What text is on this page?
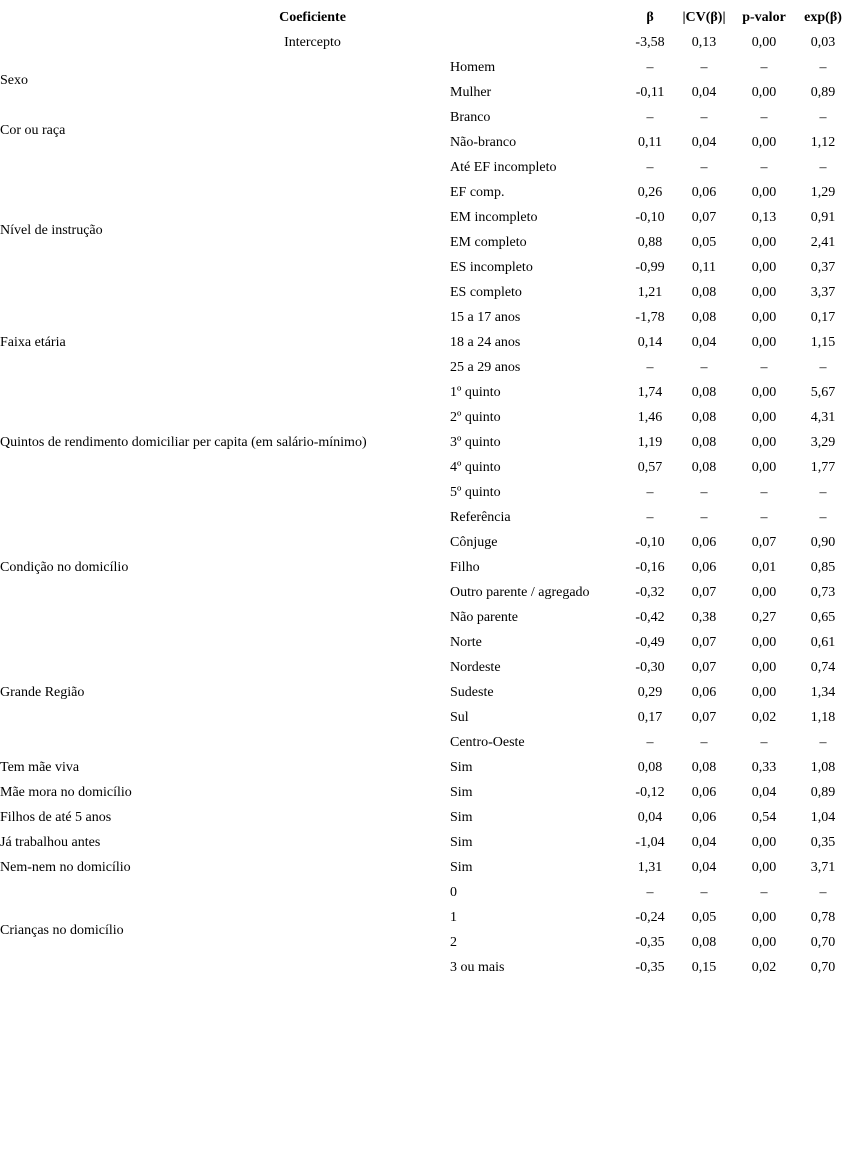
Coeficiente		β	|CV(β)|	p-valor	exp(β)
Intercepto		-3,58	0,13	0,00	0,03
Sexo	Homem	–	–	–	–
	Mulher	-0,11	0,04	0,00	0,89
Cor ou raça	Branco	–	–	–	–
	Não-branco	0,11	0,04	0,00	1,12
Nível de instrução	Até EF incompleto	–	–	–	–
	EF comp.	0,26	0,06	0,00	1,29
	EM incompleto	-0,10	0,07	0,13	0,91
	EM completo	0,88	0,05	0,00	2,41
	ES incompleto	-0,99	0,11	0,00	0,37
	ES completo	1,21	0,08	0,00	3,37
Faixa etária	15 a 17 anos	-1,78	0,08	0,00	0,17
	18 a 24 anos	0,14	0,04	0,00	1,15
	25 a 29 anos	–	–	–	–
Quintos de rendimento domiciliar per capita (em salário-mínimo)	1º quinto	1,74	0,08	0,00	5,67
	2º quinto	1,46	0,08	0,00	4,31
	3º quinto	1,19	0,08	0,00	3,29
	4º quinto	0,57	0,08	0,00	1,77
	5º quinto	–	–	–	–
Condição no domicílio	Referência	–	–	–	–
	Cônjuge	-0,10	0,06	0,07	0,90
	Filho	-0,16	0,06	0,01	0,85
	Outro parente / agregado	-0,32	0,07	0,00	0,73
	Não parente	-0,42	0,38	0,27	0,65
Grande Região	Norte	-0,49	0,07	0,00	0,61
	Nordeste	-0,30	0,07	0,00	0,74
	Sudeste	0,29	0,06	0,00	1,34
	Sul	0,17	0,07	0,02	1,18
	Centro-Oeste	–	–	–	–
Tem mãe viva	Sim	0,08	0,08	0,33	1,08
Mãe mora no domicílio	Sim	-0,12	0,06	0,04	0,89
Filhos de até 5 anos	Sim	0,04	0,06	0,54	1,04
Já trabalhou antes	Sim	-1,04	0,04	0,00	0,35
Nem-nem no domicílio	Sim	1,31	0,04	0,00	3,71
Crianças no domicílio	0	–	–	–	–
	1	-0,24	0,05	0,00	0,78
	2	-0,35	0,08	0,00	0,70
	3 ou mais	-0,35	0,15	0,02	0,70
